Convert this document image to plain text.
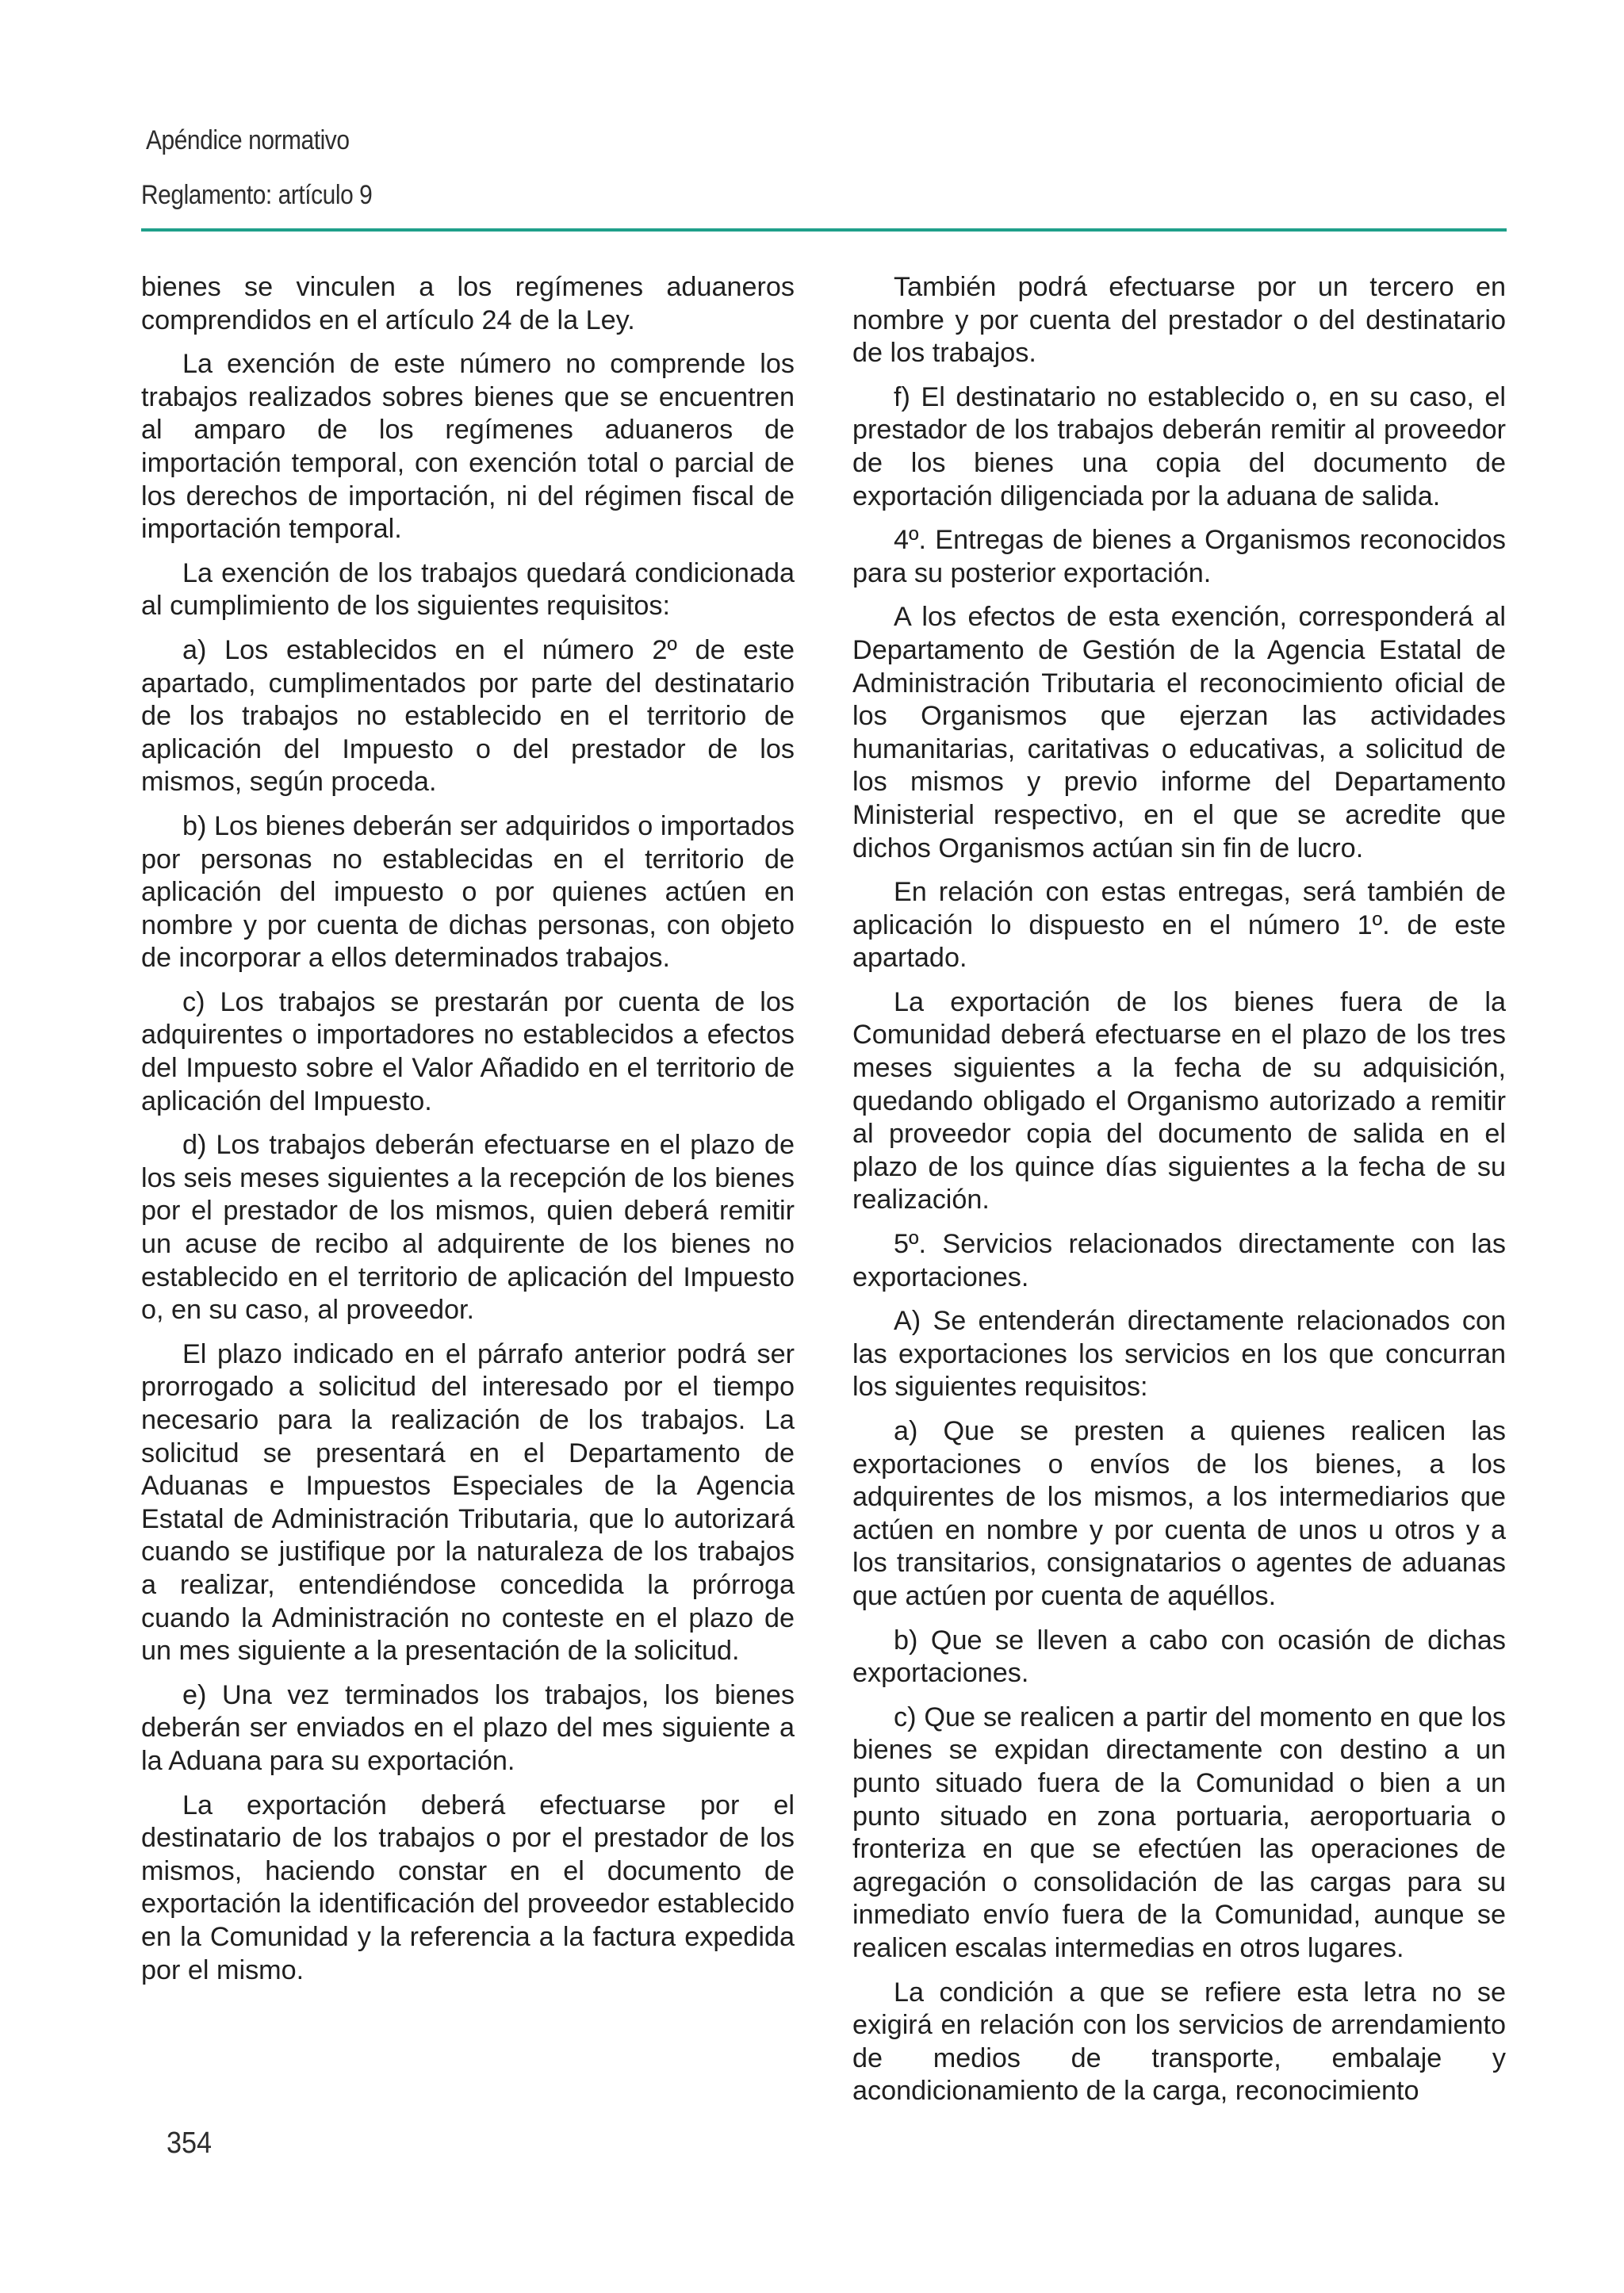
Apéndice normativo
Reglamento: artículo 9

bienes se vinculen a los regímenes aduaneros comprendidos en el artículo 24 de la Ley.

La exención de este número no comprende los trabajos realizados sobres bienes que se encuentren al amparo de los regímenes aduaneros de importación temporal, con exención total o parcial de los derechos de importación, ni del régimen fiscal de importación temporal.

La exención de los trabajos quedará condicionada al cumplimiento de los siguientes requisitos:

a) Los establecidos en el número 2º de este apartado, cumplimentados por parte del destinatario de los trabajos no establecido en el territorio de aplicación del Impuesto o del prestador de los mismos, según proceda.

b) Los bienes deberán ser adquiridos o importados por personas no establecidas en el territorio de aplicación del impuesto o por quienes actúen en nombre y por cuenta de dichas personas, con objeto de incorporar a ellos determinados trabajos.

c) Los trabajos se prestarán por cuenta de los adquirentes o importadores no establecidos a efectos del Impuesto sobre el Valor Añadido en el territorio de aplicación del Impuesto.

d) Los trabajos deberán efectuarse en el plazo de los seis meses siguientes a la recepción de los bienes por el prestador de los mismos, quien deberá remitir un acuse de recibo al adquirente de los bienes no establecido en el territorio de aplicación del Impuesto o, en su caso, al proveedor.

El plazo indicado en el párrafo anterior podrá ser prorrogado a solicitud del interesado por el tiempo necesario para la realización de los trabajos. La solicitud se presentará en el Departamento de Aduanas e Impuestos Especiales de la Agencia Estatal de Administración Tributaria, que lo autorizará cuando se justifique por la naturaleza de los trabajos a realizar, entendiéndose concedida la prórroga cuando la Administración no conteste en el plazo de un mes siguiente a la presentación de la solicitud.

e) Una vez terminados los trabajos, los bienes deberán ser enviados en el plazo del mes siguiente a la Aduana para su exportación.

La exportación deberá efectuarse por el destinatario de los trabajos o por el prestador de los mismos, haciendo constar en el documento de exportación la identificación del proveedor establecido en la Comunidad y la referencia a la factura expedida por el mismo.

También podrá efectuarse por un tercero en nombre y por cuenta del prestador o del destinatario de los trabajos.

f) El destinatario no establecido o, en su caso, el prestador de los trabajos deberán remitir al proveedor de los bienes una copia del documento de exportación diligenciada por la aduana de salida.

4º. Entregas de bienes a Organismos reconocidos para su posterior exportación.

A los efectos de esta exención, corresponderá al Departamento de Gestión de la Agencia Estatal de Administración Tributaria el reconocimiento oficial de los Organismos que ejerzan las actividades humanitarias, caritativas o educativas, a solicitud de los mismos y previo informe del Departamento Ministerial respectivo, en el que se acredite que dichos Organismos actúan sin fin de lucro.

En relación con estas entregas, será también de aplicación lo dispuesto en el número 1º. de este apartado.

La exportación de los bienes fuera de la Comunidad deberá efectuarse en el plazo de los tres meses siguientes a la fecha de su adquisición, quedando obligado el Organismo autorizado a remitir al proveedor copia del documento de salida en el plazo de los quince días siguientes a la fecha de su realización.

5º. Servicios relacionados directamente con las exportaciones.

A) Se entenderán directamente relacionados con las exportaciones los servicios en los que concurran los siguientes requisitos:

a) Que se presten a quienes realicen las exportaciones o envíos de los bienes, a los adquirentes de los mismos, a los intermediarios que actúen en nombre y por cuenta de unos u otros y a los transitarios, consignatarios o agentes de aduanas que actúen por cuenta de aquéllos.

b) Que se lleven a cabo con ocasión de dichas exportaciones.

c) Que se realicen a partir del momento en que los bienes se expidan directamente con destino a un punto situado fuera de la Comunidad o bien a un punto situado en zona portuaria, aeroportuaria o fronteriza en que se efectúen las operaciones de agregación o consolidación de las cargas para su inmediato envío fuera de la Comunidad, aunque se realicen escalas intermedias en otros lugares.

La condición a que se refiere esta letra no se exigirá en relación con los servicios de arrendamiento de medios de transporte, embalaje y acondicionamiento de la carga, reconocimiento

354
